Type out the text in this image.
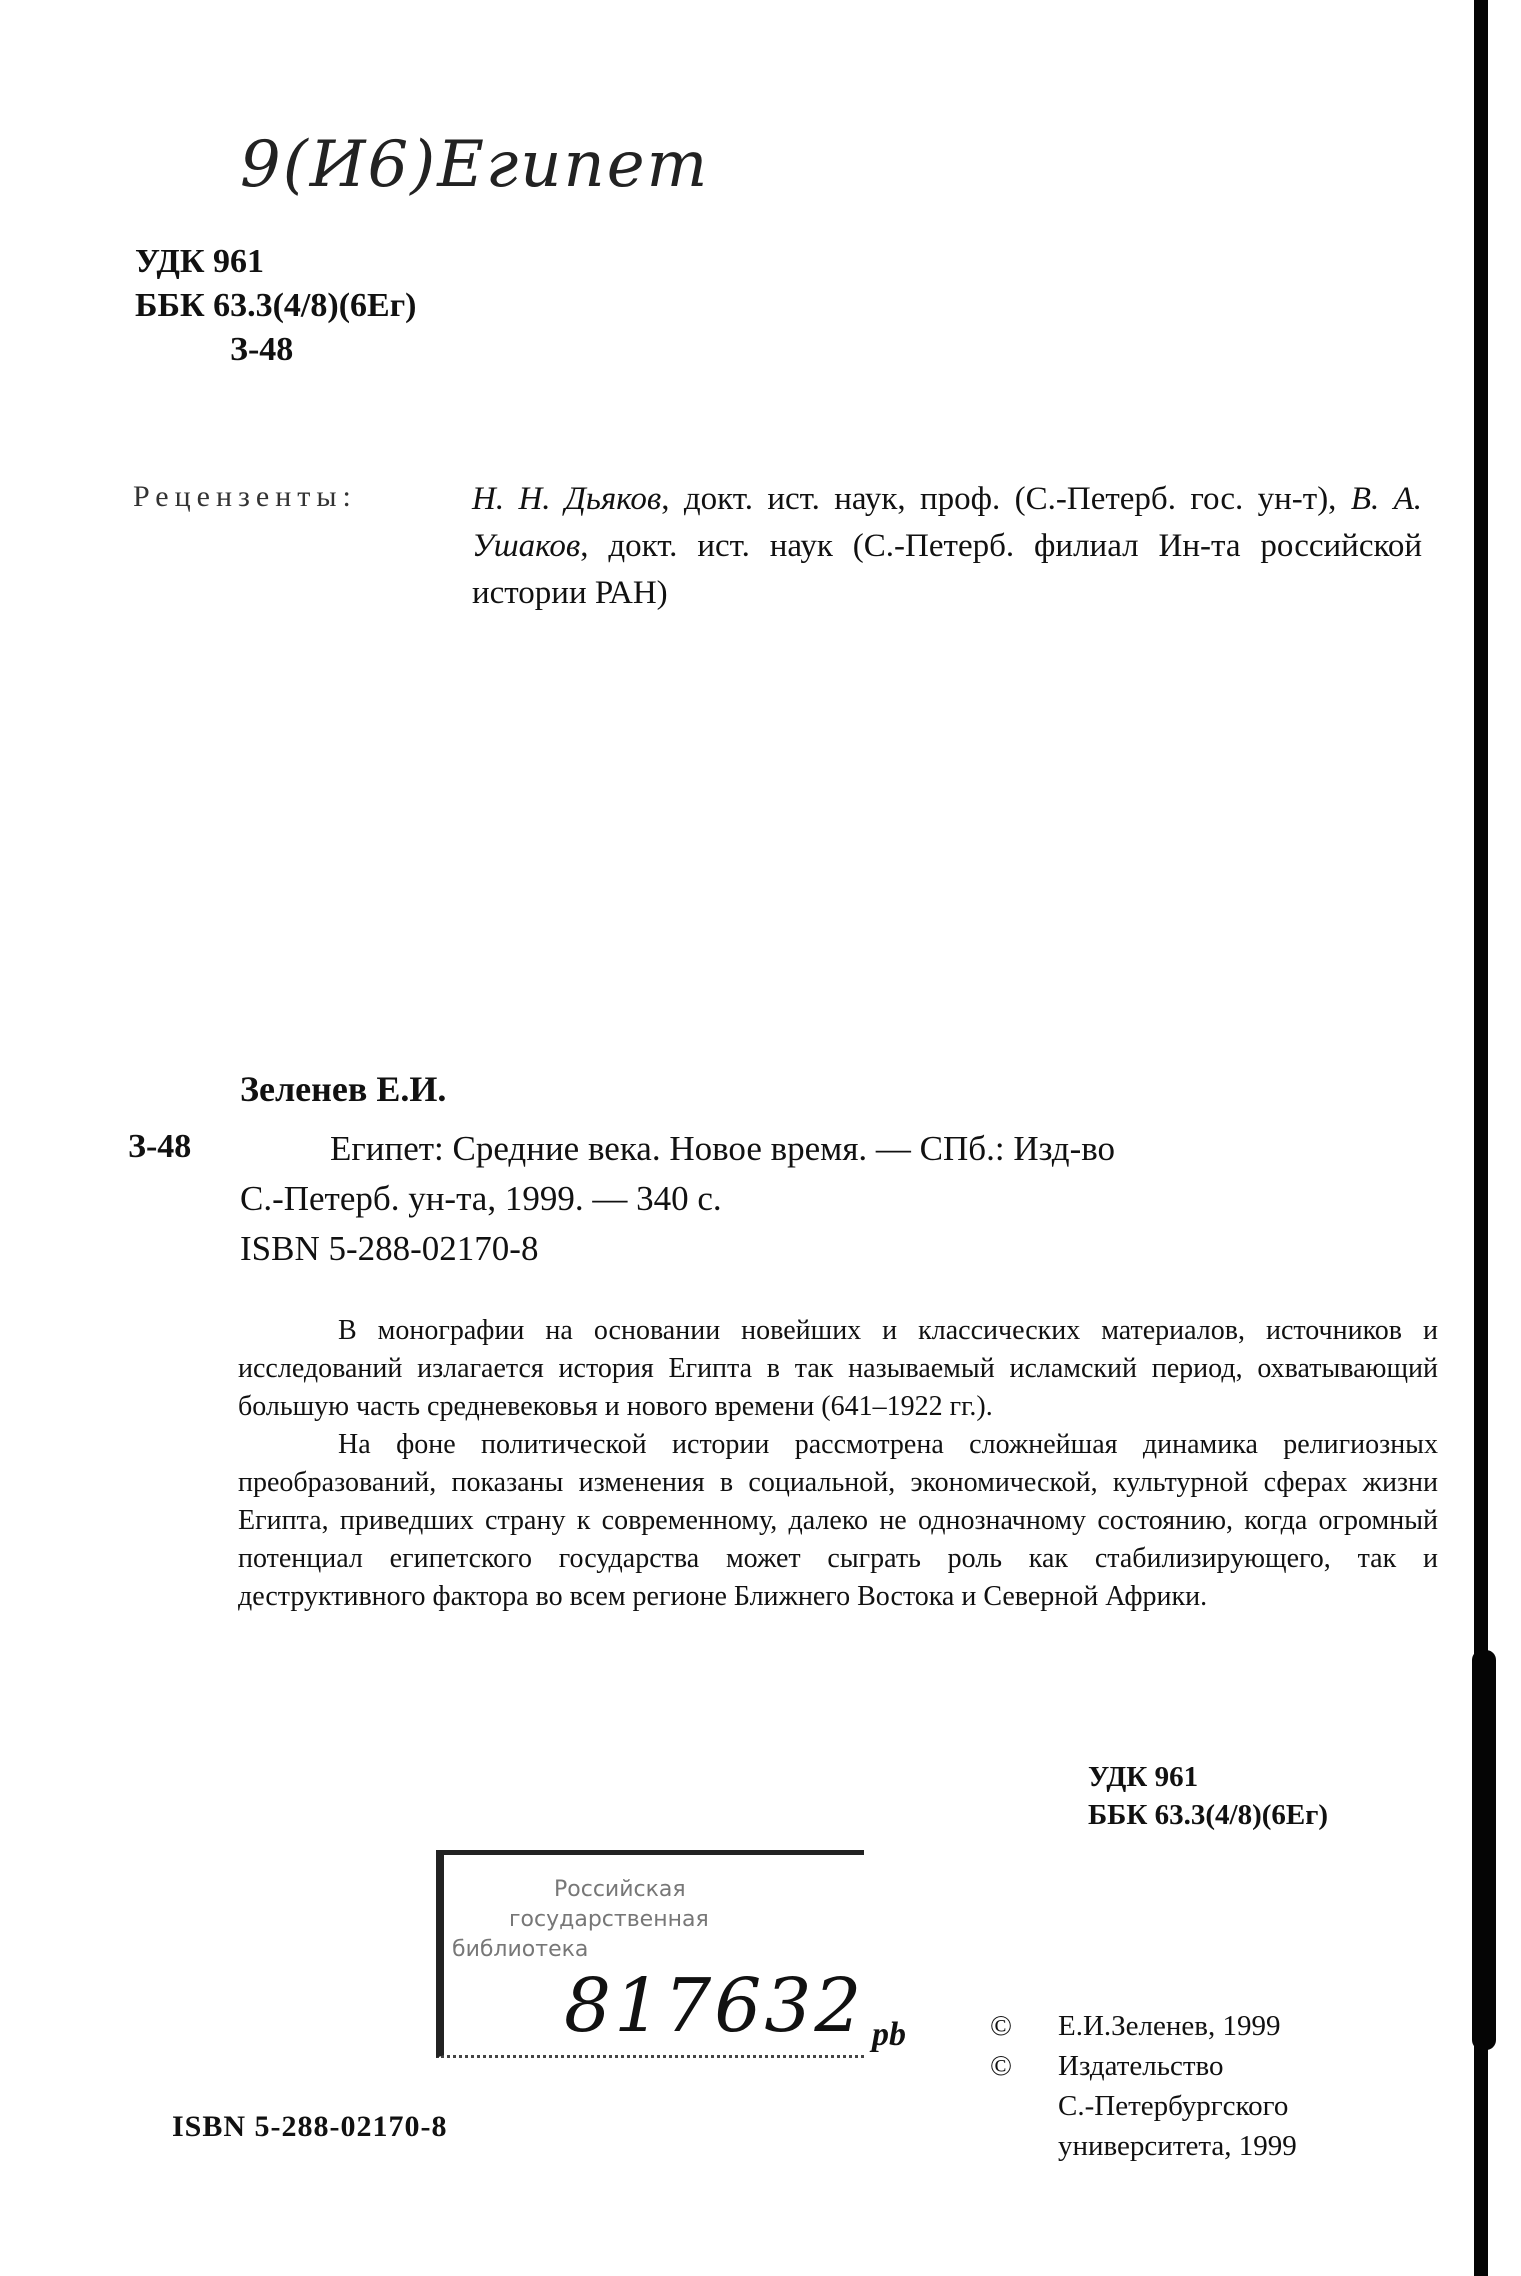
9(И6)Египет
УДК 961
ББК 63.3(4/8)(6Ег)
З-48
Рецензенты:	Н. Н. Дьяков, докт. ист. наук, проф. (С.-Петерб. гос. ун-т), В. А. Ушаков, докт. ист. наук (С.-Петерб. филиал Ин-та российской истории РАН)
Зеленев Е.И.
З-48	Египет: Средние века. Новое время. — СПб.: Изд-во
С.-Петерб. ун-та, 1999. — 340 с.
ISBN 5-288-02170-8

В монографии на основании новейших и классических материалов, источников и исследований излагается история Египта в так называемый исламский период, охватывающий большую часть средневековья и нового времени (641–1922 гг.).

На фоне политической истории рассмотрена сложнейшая динамика религиозных преобразований, показаны изменения в социальной, экономической, культурной сферах жизни Египта, приведших страну к современному, далеко не однозначному состоянию, когда огромный потенциал египетского государства может сыграть роль как стабилизирующего, так и деструктивного фактора во всем регионе Ближнего Востока и Северной Африки.

УДК 961
ББК 63.3(4/8)(6Ег)
Российская
государственная
библиотека
817632 pb	©	Е.И.Зеленев, 1999
©	Издательство
С.-Петербургского
университета, 1999
ISBN 5-288-02170-8
